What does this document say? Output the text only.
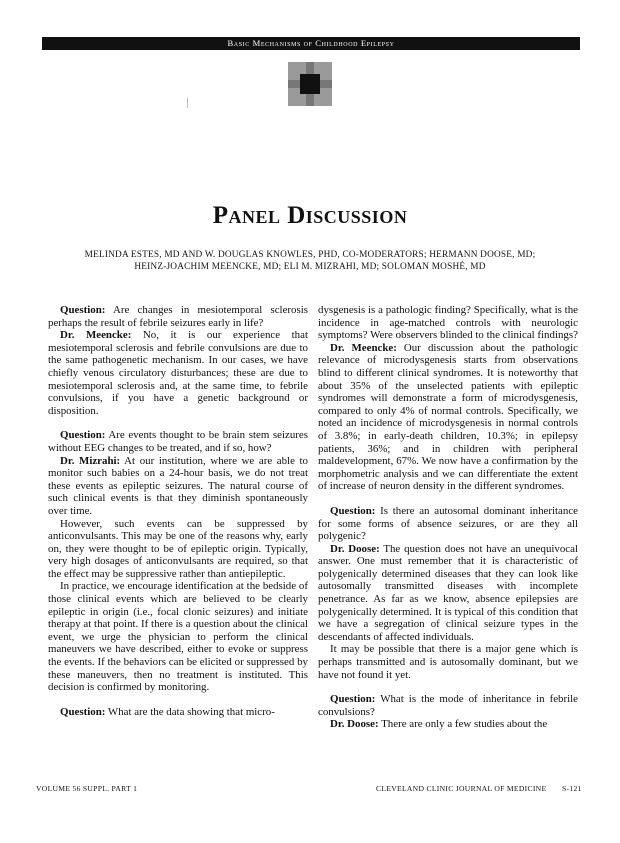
Basic Mechanisms of Childhood Epilepsy
Panel Discussion
MELINDA ESTES, MD AND W. DOUGLAS KNOWLES, PHD, CO-MODERATORS; HERMANN DOOSE, MD;
HEINZ-JOACHIM MEENCKE, MD; ELI M. MIZRAHI, MD; SOLOMAN MOSHÉ, MD

Question: Are changes in mesiotemporal sclerosis perhaps the result of febrile seizures early in life?

Dr. Meencke: No, it is our experience that mesiotemporal sclerosis and febrile convulsions are due to the same pathogenetic mechanism. In our cases, we have chiefly venous circulatory disturbances; these are due to mesiotemporal sclerosis and, at the same time, to febrile convulsions, if you have a genetic background or disposition.

Question: Are events thought to be brain stem seizures without EEG changes to be treated, and if so, how?

Dr. Mizrahi: At our institution, where we are able to monitor such babies on a 24-hour basis, we do not treat these events as epileptic seizures. The natural course of such clinical events is that they diminish spontaneously over time.

However, such events can be suppressed by anticonvulsants. This may be one of the reasons why, early on, they were thought to be of epileptic origin. Typically, very high dosages of anticonvulsants are required, so that the effect may be suppressive rather than antiepileptic.

In practice, we encourage identification at the bedside of those clinical events which are believed to be clearly epileptic in origin (i.e., focal clonic seizures) and initiate therapy at that point. If there is a question about the clinical event, we urge the physician to perform the clinical maneuvers we have described, either to evoke or suppress the events. If the behaviors can be elicited or suppressed by these maneuvers, then no treatment is instituted. This decision is confirmed by monitoring.

Question: What are the data showing that micro-

dysgenesis is a pathologic finding? Specifically, what is the incidence in age-matched controls with neurologic symptoms? Were observers blinded to the clinical findings?

Dr. Meencke: Our discussion about the pathologic relevance of microdysgenesis starts from observations blind to different clinical syndromes. It is noteworthy that about 35% of the unselected patients with epileptic syndromes will demonstrate a form of microdysgenesis, compared to only 4% of normal controls. Specifically, we noted an incidence of microdysgenesis in normal controls of 3.8%; in early-death children, 10.3%; in epilepsy patients, 36%; and in children with peripheral maldevelopment, 67%. We now have a confirmation by the morphometric analysis and we can differentiate the extent of increase of neuron density in the different syndromes.

Question: Is there an autosomal dominant inheritance for some forms of absence seizures, or are they all polygenic?

Dr. Doose: The question does not have an unequivocal answer. One must remember that it is characteristic of polygenically determined diseases that they can look like autosomally transmitted diseases with incomplete penetrance. As far as we know, absence epilepsies are polygenically determined. It is typical of this condition that we have a segregation of clinical seizure types in the descendants of affected individuals.

It may be possible that there is a major gene which is perhaps transmitted and is autosomally dominant, but we have not found it yet.

Question: What is the mode of inheritance in febrile convulsions?

Dr. Doose: There are only a few studies about the

VOLUME 56 SUPPL. PART 1	CLEVELAND CLINIC JOURNAL OF MEDICINE S-121
